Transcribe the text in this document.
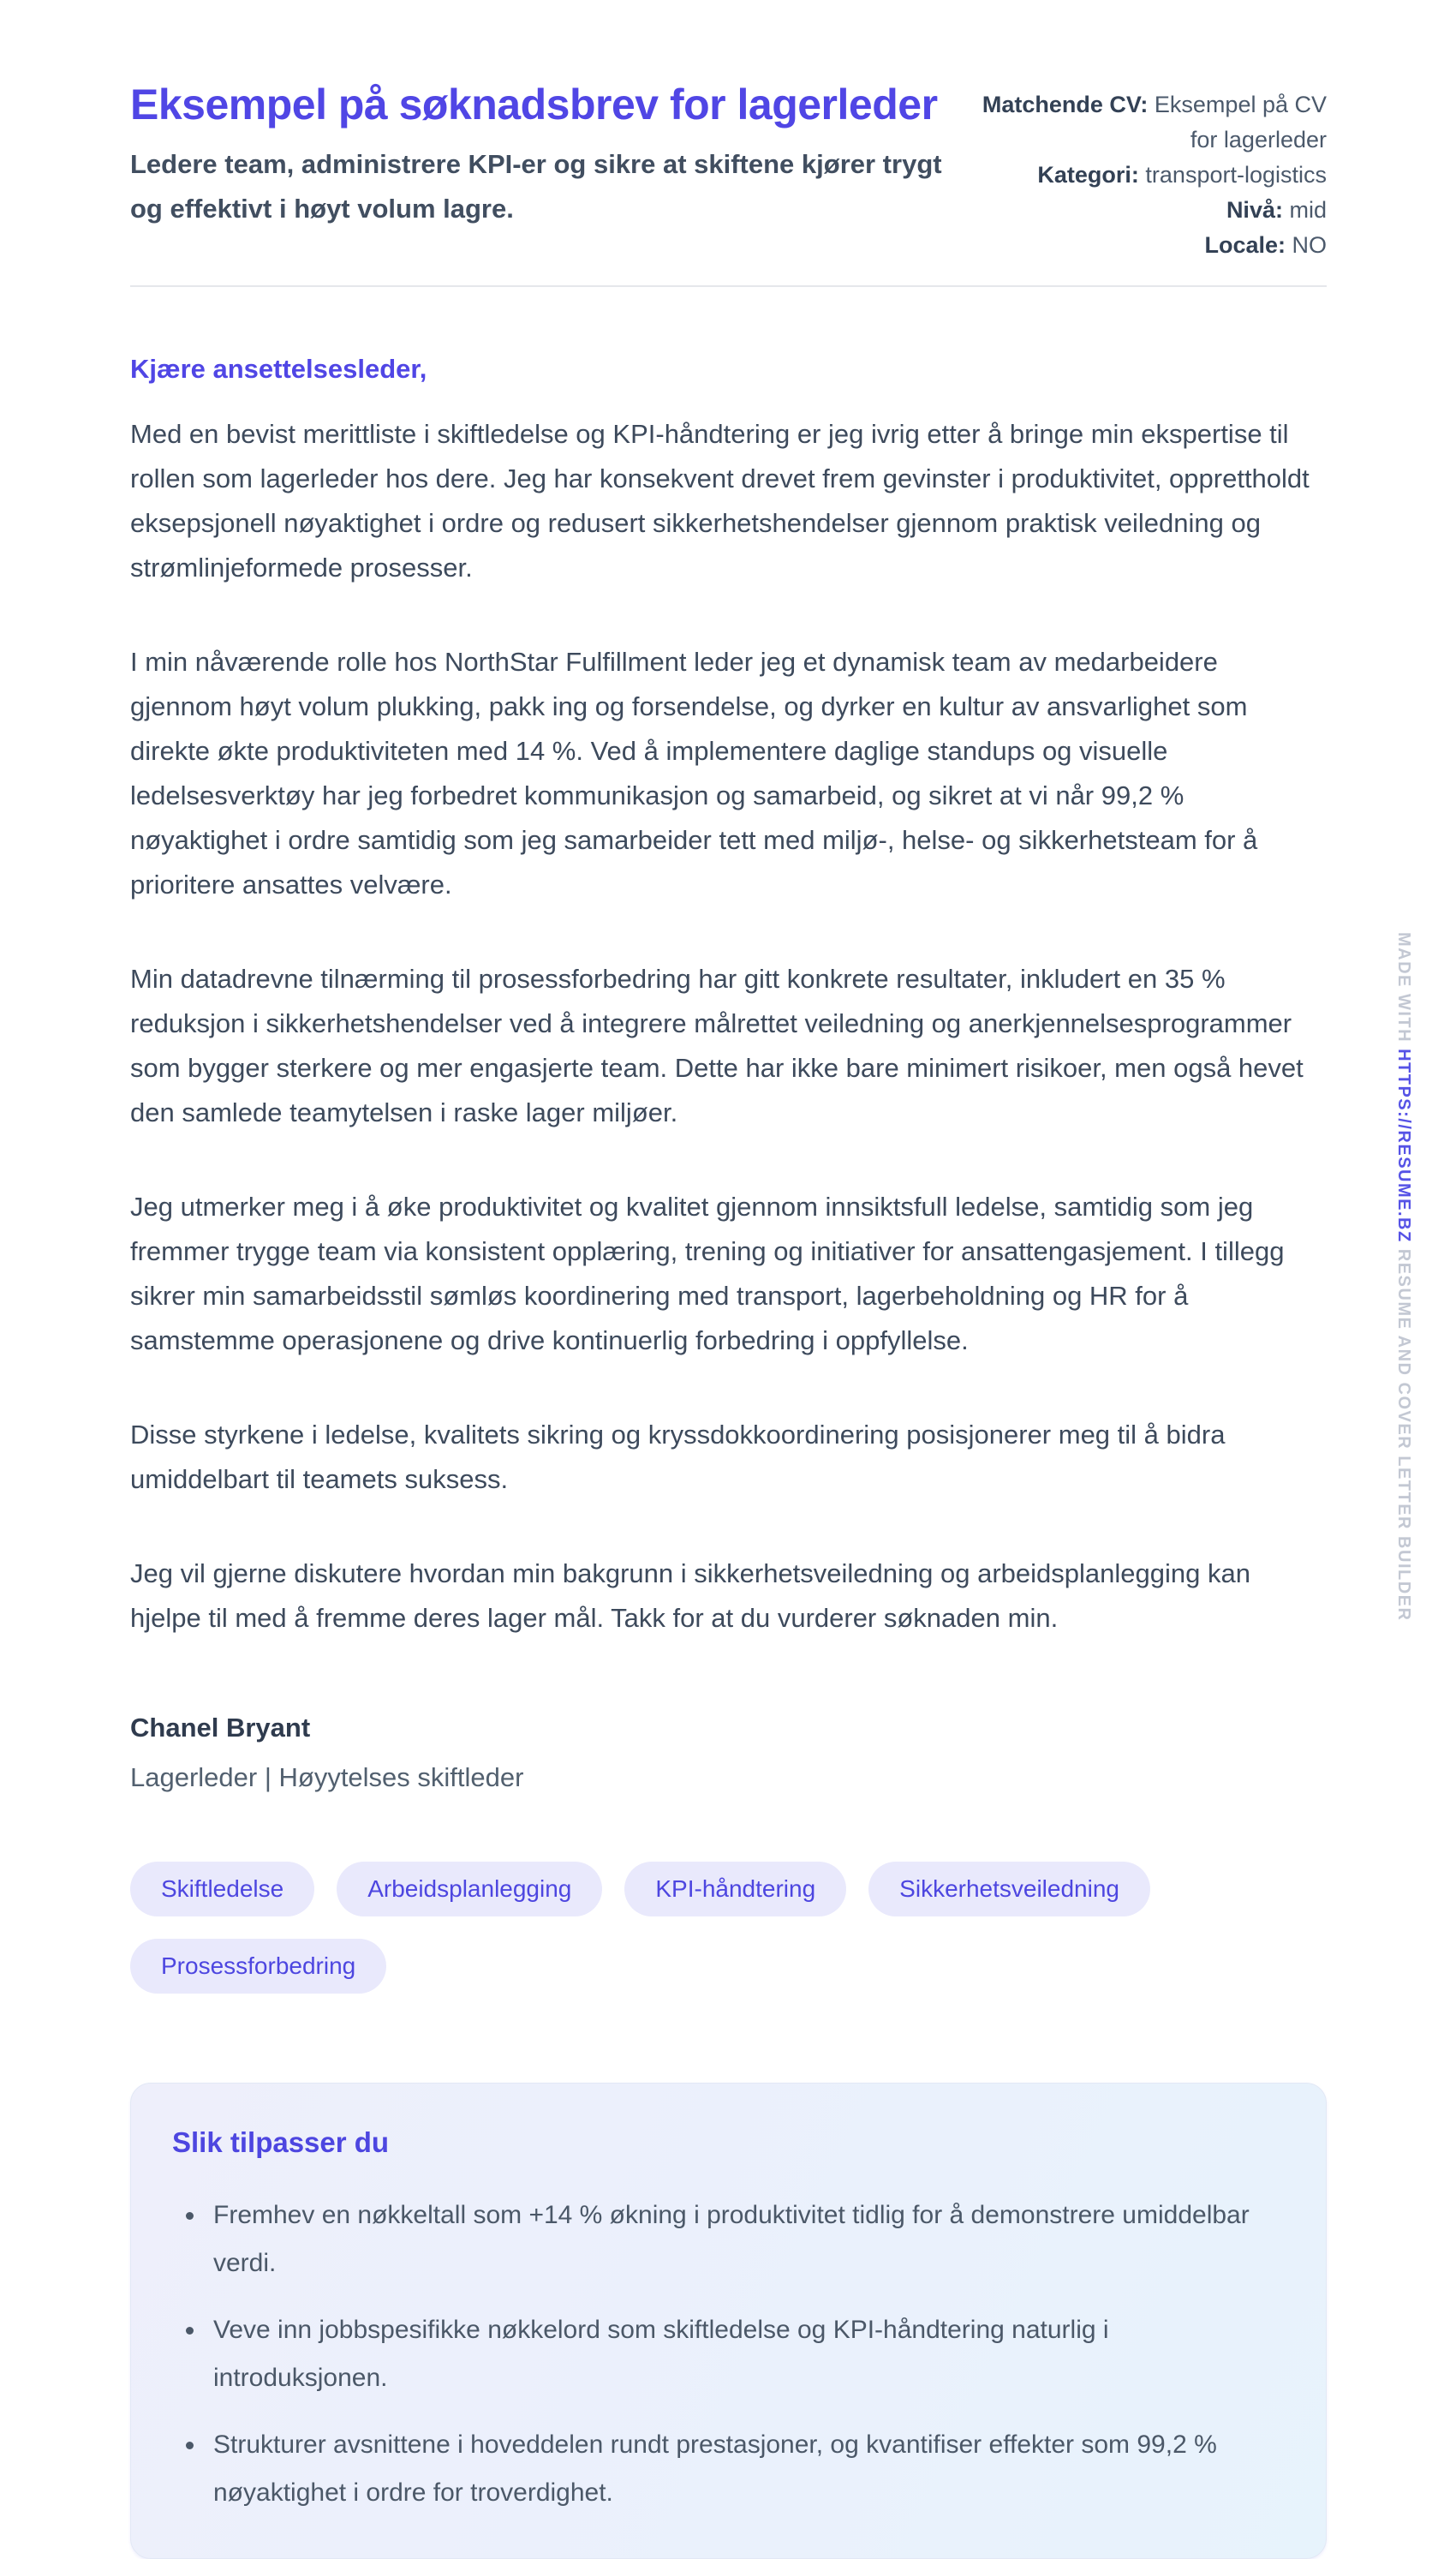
Eksempel på søknadsbrev for lagerleder
Ledere team, administrere KPI-er og sikre at skiftene kjører trygt og effektivt i høyt volum lagre.
Matchende CV: Eksempel på CV for lagerleder
Kategori: transport-logistics
Nivå: mid
Locale: NO

Kjære ansettelsesleder,

Med en bevist merittliste i skiftledelse og KPI-håndtering er jeg ivrig etter å bringe min ekspertise til rollen som lagerleder hos dere. Jeg har konsekvent drevet frem gevinster i produktivitet, opprettholdt eksepsjonell nøyaktighet i ordre og redusert sikkerhetshendelser gjennom praktisk veiledning og strømlinjeformede prosesser.

I min nåværende rolle hos NorthStar Fulfillment leder jeg et dynamisk team av medarbeidere gjennom høyt volum plukking, pakk ing og forsendelse, og dyrker en kultur av ansvarlighet som direkte økte produktiviteten med 14 %. Ved å implementere daglige standups og visuelle ledelsesverktøy har jeg forbedret kommunikasjon og samarbeid, og sikret at vi når 99,2 % nøyaktighet i ordre samtidig som jeg samarbeider tett med miljø-, helse- og sikkerhetsteam for å prioritere ansattes velvære.

Min datadrevne tilnærming til prosessforbedring har gitt konkrete resultater, inkludert en 35 % reduksjon i sikkerhetshendelser ved å integrere målrettet veiledning og anerkjennelsesprogrammer som bygger sterkere og mer engasjerte team. Dette har ikke bare minimert risikoer, men også hevet den samlede teamytelsen i raske lager miljøer.

Jeg utmerker meg i å øke produktivitet og kvalitet gjennom innsiktsfull ledelse, samtidig som jeg fremmer trygge team via konsistent opplæring, trening og initiativer for ansattengasjement. I tillegg sikrer min samarbeidsstil sømløs koordinering med transport, lagerbeholdning og HR for å samstemme operasjonene og drive kontinuerlig forbedring i oppfyllelse.

Disse styrkene i ledelse, kvalitets sikring og kryssdokkoordinering posisjonerer meg til å bidra umiddelbart til teamets suksess.

Jeg vil gjerne diskutere hvordan min bakgrunn i sikkerhetsveiledning og arbeidsplanlegging kan hjelpe til med å fremme deres lager mål. Takk for at du vurderer søknaden min.

Chanel Bryant

Lagerleder | Høyytelses skiftleder

Skiftledelse	Arbeidsplanlegging	KPI-håndtering	Sikkerhetsveiledning
Prosessforbedring
Slik tilpasser du
• Fremhev en nøkkeltall som +14 % økning i produktivitet tidlig for å demonstrere umiddelbar verdi.
• Veve inn jobbspesifikke nøkkelord som skiftledelse og KPI-håndtering naturlig i introduksjonen.
• Strukturer avsnittene i hoveddelen rundt prestasjoner, og kvantifiser effekter som 99,2 % nøyaktighet i ordre for troverdighet.
MADE WITH HTTPS://RESUME.BZ RESUME AND COVER LETTER BUILDER
